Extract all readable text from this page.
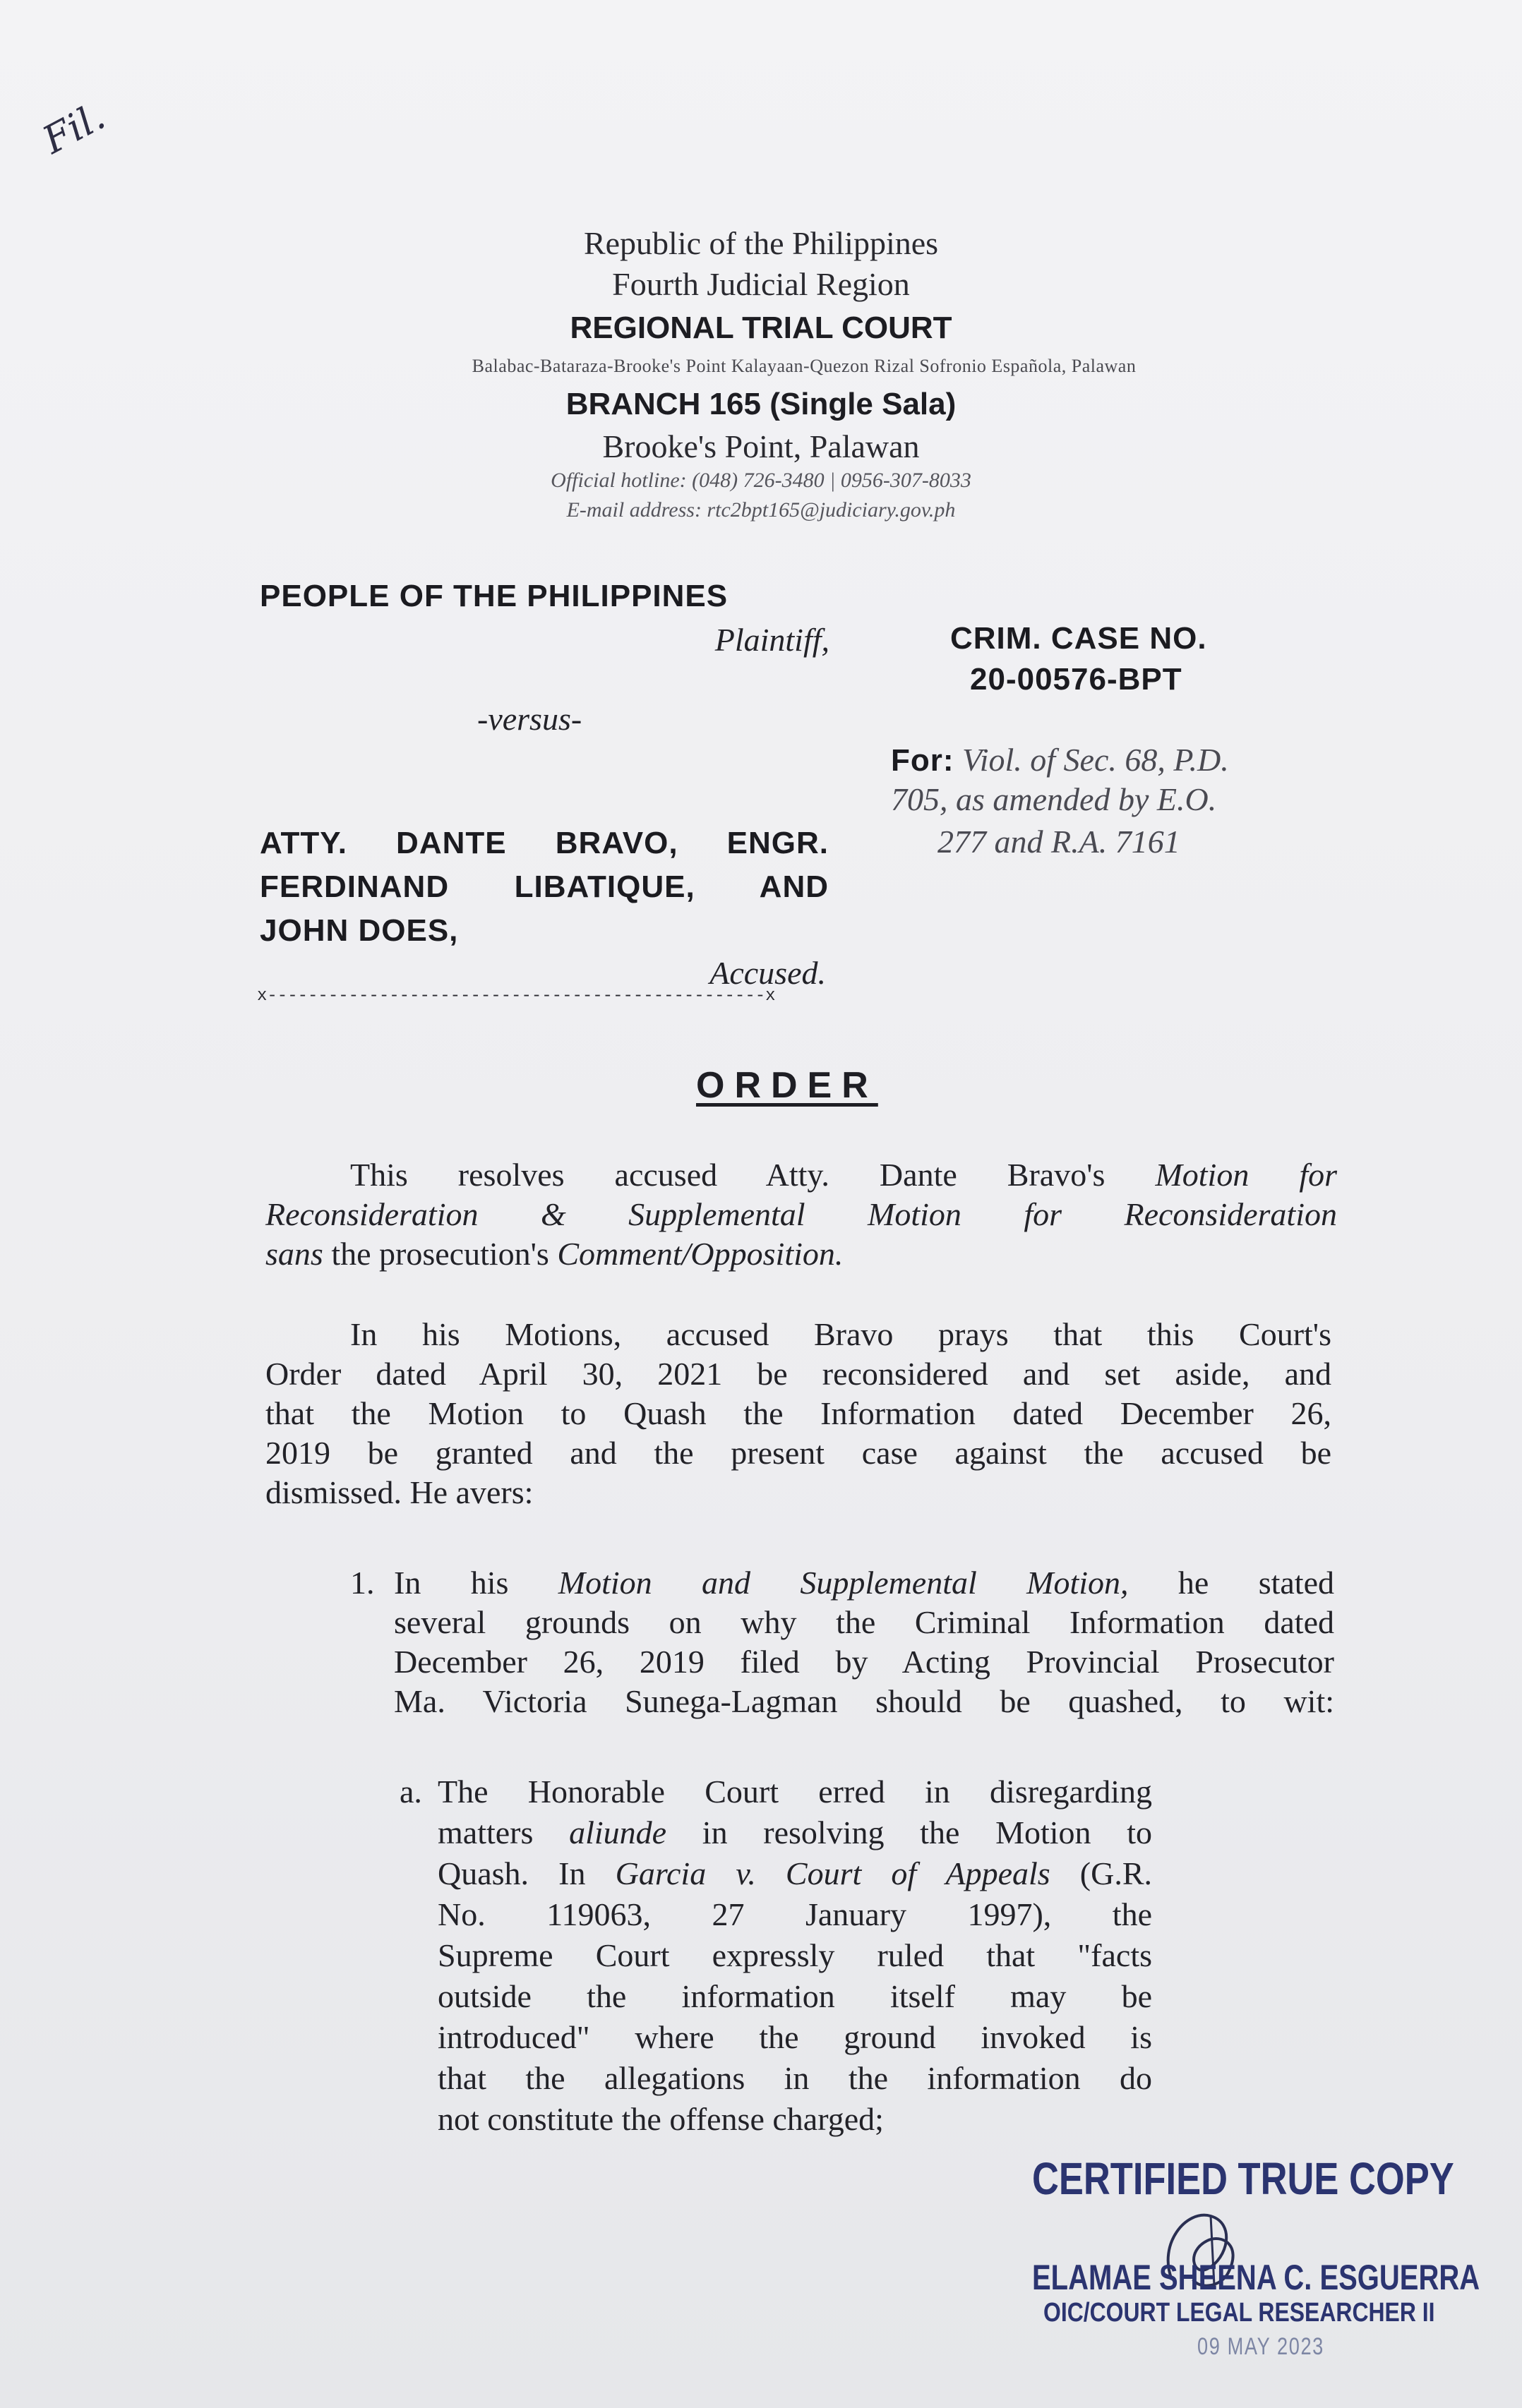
Fil.
Republic of the Philippines
Fourth Judicial Region
REGIONAL TRIAL COURT
Balabac-Bataraza-Brooke's Point Kalayaan-Quezon Rizal Sofronio Española, Palawan
BRANCH 165 (Single Sala)
Brooke's Point, Palawan
Official hotline: (048) 726-3480 | 0956-307-8033
E-mail address: rtc2bpt165@judiciary.gov.ph
PEOPLE OF THE PHILIPPINES
Plaintiff,
-versus-
ATTY. DANTE BRAVO, ENGR.
FERDINAND LIBATIQUE, AND
JOHN DOES,
Accused.
x-------------------------------------------------x
CRIM. CASE NO.
20-00576-BPT
For: Viol. of Sec. 68, P.D.
705, as amended by E.O.
277 and R.A. 7161
ORDER
This resolves accused Atty. Dante Bravo's Motion for
Reconsideration & Supplemental Motion for Reconsideration
sans the prosecution's Comment/Opposition.
In his Motions, accused Bravo prays that this Court's
Order dated April 30, 2021 be reconsidered and set aside, and
that the Motion to Quash the Information dated December 26,
2019 be granted and the present case against the accused be
dismissed. He avers:
1. In his Motion and Supplemental Motion, he stated
several grounds on why the Criminal Information dated
December 26, 2019 filed by Acting Provincial Prosecutor
Ma. Victoria Sunega-Lagman should be quashed, to wit:
a. The Honorable Court erred in disregarding
matters aliunde in resolving the Motion to
Quash. In Garcia v. Court of Appeals (G.R.
No. 119063, 27 January 1997), the
Supreme Court expressly ruled that "facts
outside the information itself may be
introduced" where the ground invoked is
that the allegations in the information do
not constitute the offense charged;
CERTIFIED TRUE COPY
ELAMAE SHEENA C. ESGUERRA
OIC/COURT LEGAL RESEARCHER II
09 MAY 2023
